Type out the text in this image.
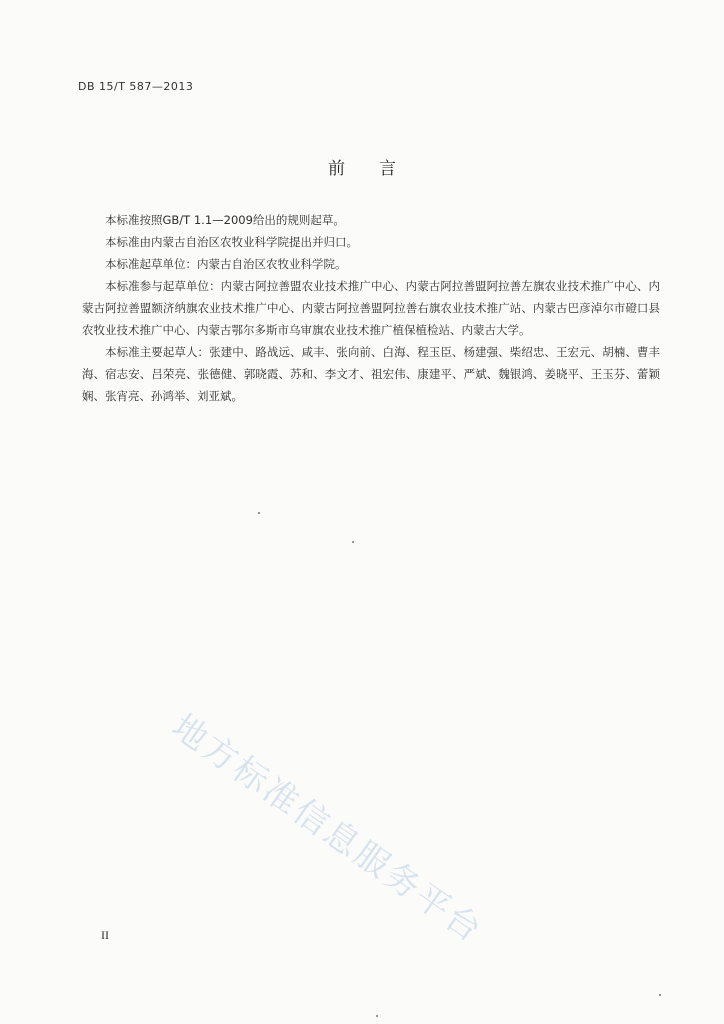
DB 15/T 587—2013
前言

本标准按照GB/T 1.1—2009给出的规则起草。

本标准由内蒙古自治区农牧业科学院提出并归口。

本标准起草单位：内蒙古自治区农牧业科学院。

本标准参与起草单位：内蒙古阿拉善盟农业技术推广中心、内蒙古阿拉善盟阿拉善左旗农业技术推广中心、内蒙古阿拉善盟额济纳旗农业技术推广中心、内蒙古阿拉善盟阿拉善右旗农业技术推广站、内蒙古巴彦淖尔市磴口县农牧业技术推广中心、内蒙古鄂尔多斯市乌审旗农业技术推广植保植检站、内蒙古大学。

本标准主要起草人：张建中、路战远、咸丰、张向前、白海、程玉臣、杨建强、柴绍忠、王宏元、胡楠、曹丰海、宿志安、吕荣亮、张德健、郭晓霞、苏和、李文才、祖宏伟、康建平、严斌、魏银鸿、姜晓平、王玉芬、蕾颖娴、张宵亮、孙鸿举、刘亚斌。

地方标准信息服务平台
II
